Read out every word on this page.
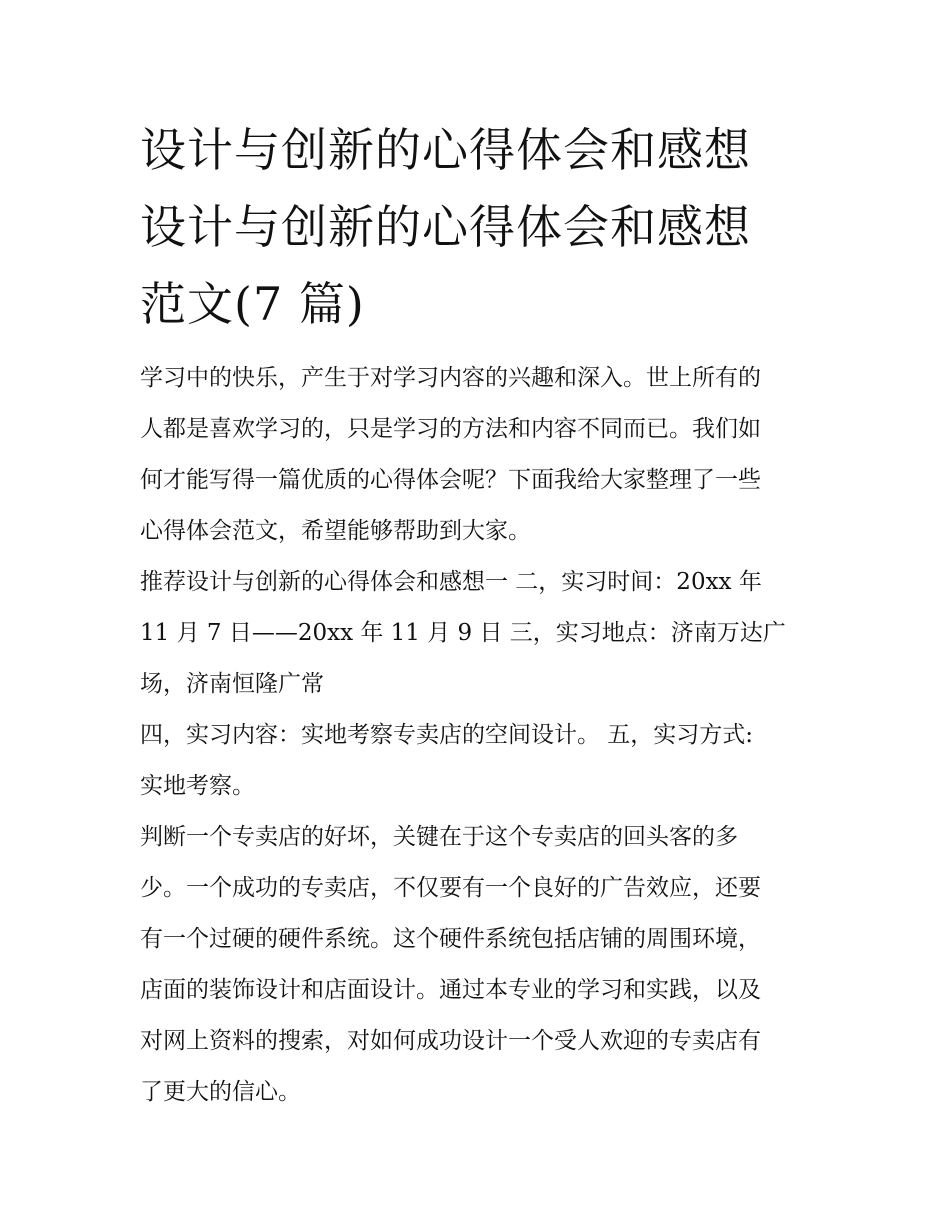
设计与创新的心得体会和感想
设计与创新的心得体会和感想
范文(7 篇)
学习中的快乐，产生于对学习内容的兴趣和深入。世上所有的
人都是喜欢学习的，只是学习的方法和内容不同而已。我们如
何才能写得一篇优质的心得体会呢？下面我给大家整理了一些
心得体会范文，希望能够帮助到大家。
推荐设计与创新的心得体会和感想一 二，实习时间：20xx 年
11 月 7 日——20xx 年 11 月 9 日 三，实习地点：济南万达广
场，济南恒隆广常
四，实习内容：实地考察专卖店的空间设计。 五，实习方式:
实地考察。
判断一个专卖店的好坏，关键在于这个专卖店的回头客的多
少。一个成功的专卖店，不仅要有一个良好的广告效应，还要
有一个过硬的硬件系统。这个硬件系统包括店铺的周围环境，
店面的装饰设计和店面设计。通过本专业的学习和实践，以及
对网上资料的搜索，对如何成功设计一个受人欢迎的专卖店有
了更大的信心。
